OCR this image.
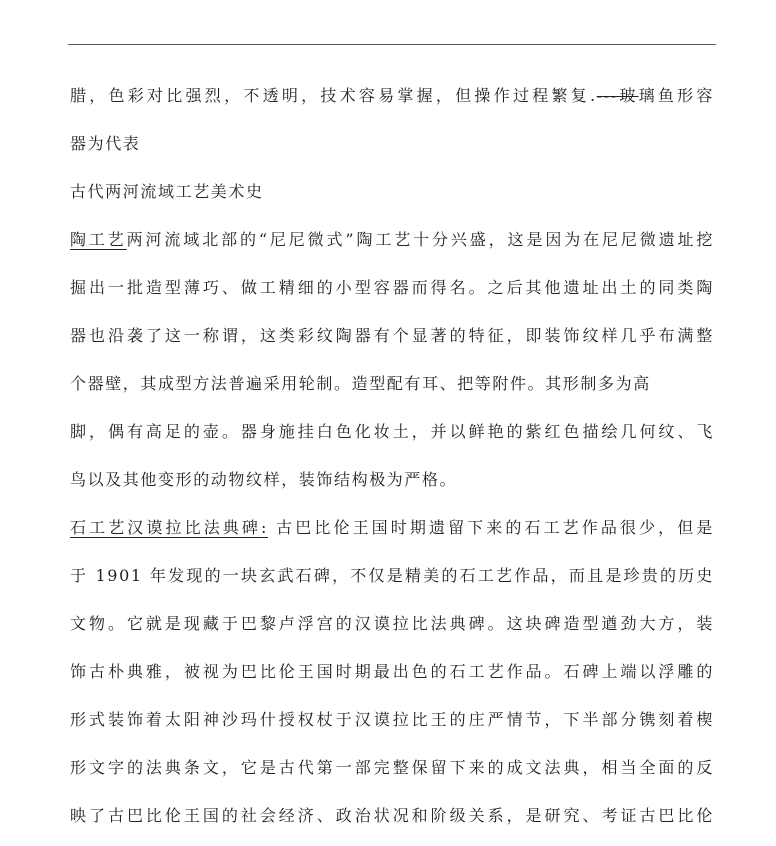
腊，色彩对比强烈，不透明，技术容易掌握，但操作过程繁复.---玻璃鱼形容
器为代表
古代两河流域工艺美术史
陶工艺两河流域北部的“尼尼微式”陶工艺十分兴盛，这是因为在尼尼微遗址挖
掘出一批造型薄巧、做工精细的小型容器而得名。之后其他遗址出土的同类陶
器也沿袭了这一称谓，这类彩纹陶器有个显著的特征，即装饰纹样几乎布满整
个器壁，其成型方法普遍采用轮制。造型配有耳、把等附件。其形制多为高
脚，偶有高足的壶。器身施挂白色化妆土，并以鲜艳的紫红色描绘几何纹、飞
鸟以及其他变形的动物纹样，装饰结构极为严格。
石工艺汉谟拉比法典碑: 古巴比伦王国时期遗留下来的石工艺作品很少，但是
于 1901 年发现的一块玄武石碑，不仅是精美的石工艺作品，而且是珍贵的历史
文物。它就是现藏于巴黎卢浮宫的汉谟拉比法典碑。这块碑造型遒劲大方，装
饰古朴典雅，被视为巴比伦王国时期最出色的石工艺作品。石碑上端以浮雕的
形式装饰着太阳神沙玛什授权杖于汉谟拉比王的庄严情节，下半部分镌刻着楔
形文字的法典条文，它是古代第一部完整保留下来的成文法典，相当全面的反
映了古巴比伦王国的社会经济、政治状况和阶级关系，是研究、考证古巴比伦
